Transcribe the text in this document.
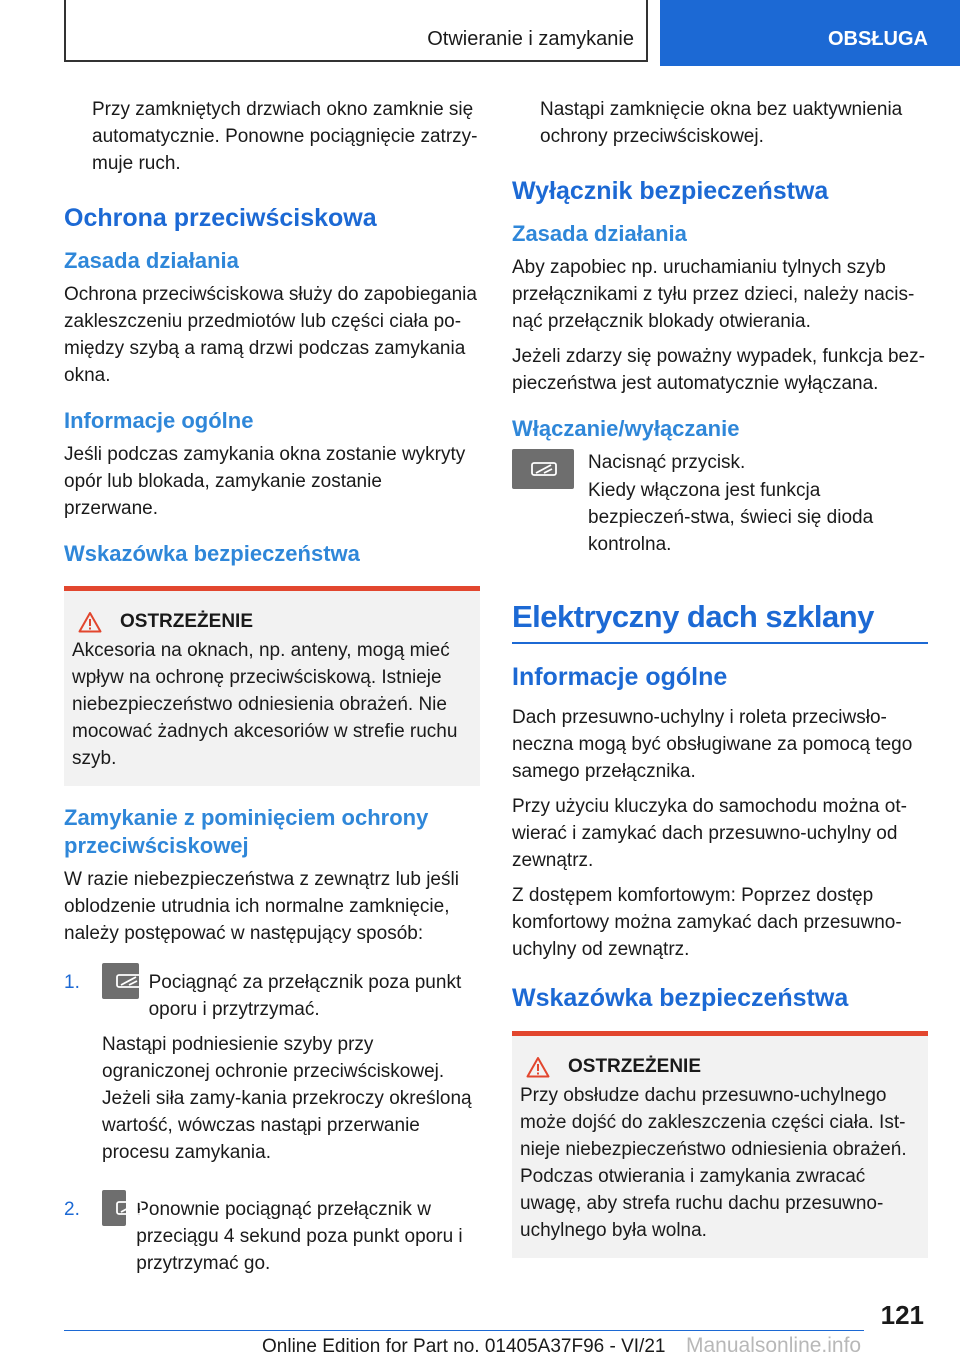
Otwieranie i zamykanie	OBSŁUGA

Przy zamkniętych drzwiach okno zamknie się automatycznie. Ponowne pociągnięcie zatrzy-muje ruch.

Ochrona przeciwściskowa
Zasada działania

Ochrona przeciwściskowa służy do zapobiegania zakleszczeniu przedmiotów lub części ciała po-między szybą a ramą drzwi podczas zamykania okna.

Informacje ogólne

Jeśli podczas zamykania okna zostanie wykryty opór lub blokada, zamykanie zostanie przerwane.

Wskazówka bezpieczeństwa
OSTRZEŻENIE

Akcesoria na oknach, np. anteny, mogą mieć wpływ na ochronę przeciwściskową. Istnieje niebezpieczeństwo odniesienia obrażeń. Nie mocować żadnych akcesoriów w strefie ruchu szyb.

Zamykanie z pominięciem ochrony przeciwściskowej

W razie niebezpieczeństwa z zewnątrz lub jeśli oblodzenie utrudnia ich normalne zamknięcie, należy postępować w następujący sposób:

1.	Pociągnąć za przełącznik poza punkt oporu i przytrzymać.

Nastąpi podniesienie szyby przy ograniczonej ochronie przeciwściskowej. Jeżeli siła zamy-kania przekroczy określoną wartość, wówczas nastąpi przerwanie procesu zamykania.

2.	Ponownie pociągnąć przełącznik w przeciągu 4 sekund poza punkt oporu i przytrzymać go.

Nastąpi zamknięcie okna bez uaktywnienia ochrony przeciwściskowej.

Wyłącznik bezpieczeństwa
Zasada działania

Aby zapobiec np. uruchamianiu tylnych szyb przełącznikami z tyłu przez dzieci, należy nacis-nąć przełącznik blokady otwierania.

Jeżeli zdarzy się poważny wypadek, funkcja bez-pieczeństwa jest automatycznie wyłączana.

Włączanie/wyłączanie

Nacisnąć przycisk.

Kiedy włączona jest funkcja bezpieczeń-stwa, świeci się dioda kontrolna.

Elektryczny dach szklany
Informacje ogólne

Dach przesuwno-uchylny i roleta przeciwsło-neczna mogą być obsługiwane za pomocą tego samego przełącznika.

Przy użyciu kluczyka do samochodu można ot-wierać i zamykać dach przesuwno-uchylny od zewnątrz.

Z dostępem komfortowym: Poprzez dostęp komfortowy można zamykać dach przesuwno-uchylny od zewnątrz.

Wskazówka bezpieczeństwa
OSTRZEŻENIE

Przy obsłudze dachu przesuwno-uchylnego może dojść do zakleszczenia części ciała. Ist-nieje niebezpieczeństwo odniesienia obrażeń. Podczas otwierania i zamykania zwracać uwagę, aby strefa ruchu dachu przesuwno-uchylnego była wolna.

121
Online Edition for Part no. 01405A37F96 - VI/21 Manualsonline.info
